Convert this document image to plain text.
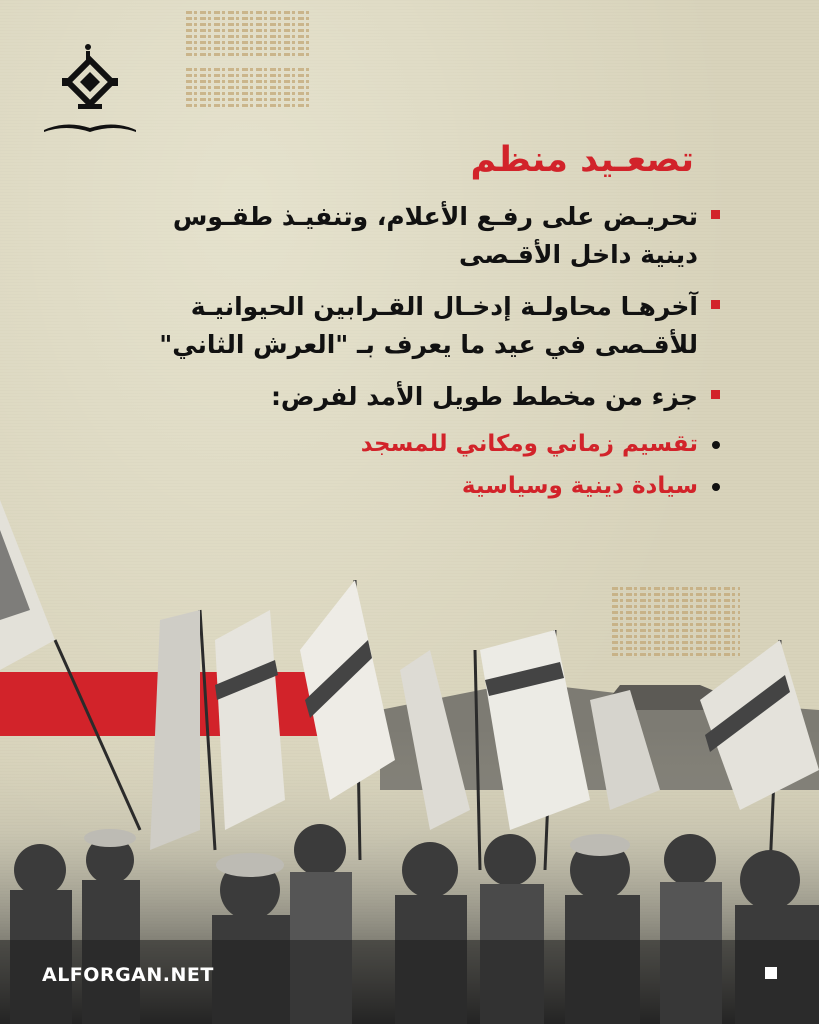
تصعـيد منظم
تحريـض على رفـع الأعلام، وتنفيـذ طقـوس
دينية داخل الأقـصى
آخرهـا محاولـة إدخـال القـرابين الحيوانيـة
للأقـصى في عيد ما يعرف بـ "العرش الثاني"
جزء من مخطط طويل الأمد لفرض:
تقسيم زماني ومكاني للمسجد
سيادة دينية وسياسية
ALFORGAN.NET
